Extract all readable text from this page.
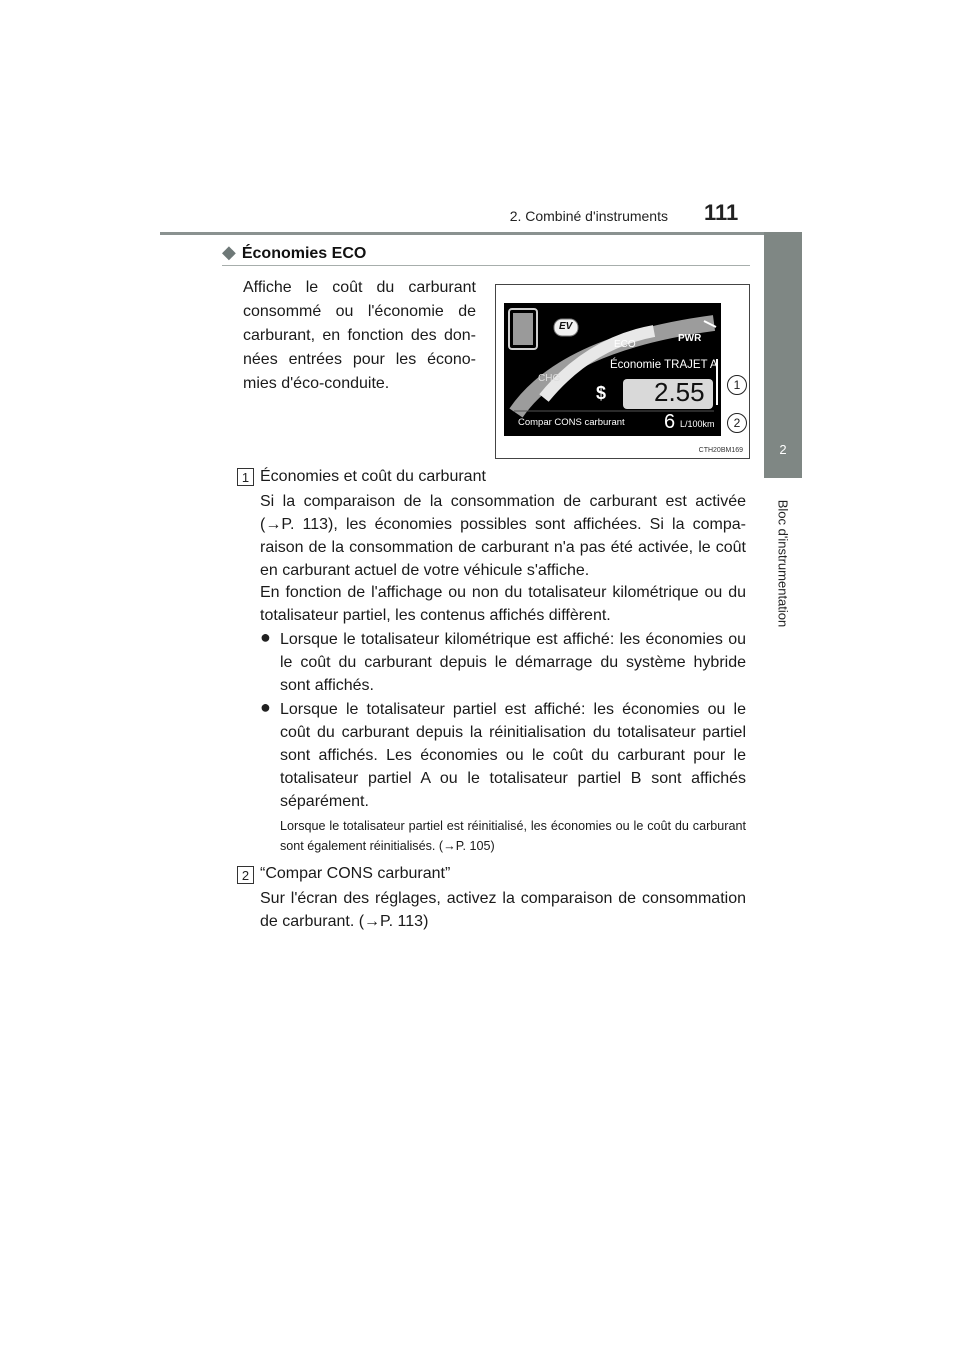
2. Combiné d'instruments 111
2
Bloc d'instrumentation
◆ Économies ECO
Affiche le coût du carburant consommé ou l'économie de carburant, en fonction des données entrées pour les économies d'éco-conduite.
EV
PWR
ECO
CHG
Économie TRAJET A
$ 2.55
Compar CONS carburant 6 L/100km
1
2
CTH20BM169
1 Économies et coût du carburant
Si la comparaison de la consommation de carburant est activée (→P. 113), les économies possibles sont affichées. Si la comparaison de la consommation de carburant n'a pas été activée, le coût en carburant actuel de votre véhicule s'affiche.
En fonction de l'affichage ou non du totalisateur kilométrique ou du totalisateur partiel, les contenus affichés diffèrent.
● Lorsque le totalisateur kilométrique est affiché: les économies ou le coût du carburant depuis le démarrage du système hybride sont affichés.
● Lorsque le totalisateur partiel est affiché: les économies ou le coût du carburant depuis la réinitialisation du totalisateur partiel sont affichés. Les économies ou le coût du carburant pour le totalisateur partiel A ou le totalisateur partiel B sont affichés séparément.
Lorsque le totalisateur partiel est réinitialisé, les économies ou le coût du carburant sont également réinitialisés. (→P. 105)
2 “Compar CONS carburant”
Sur l'écran des réglages, activez la comparaison de consommation de carburant. (→P. 113)
